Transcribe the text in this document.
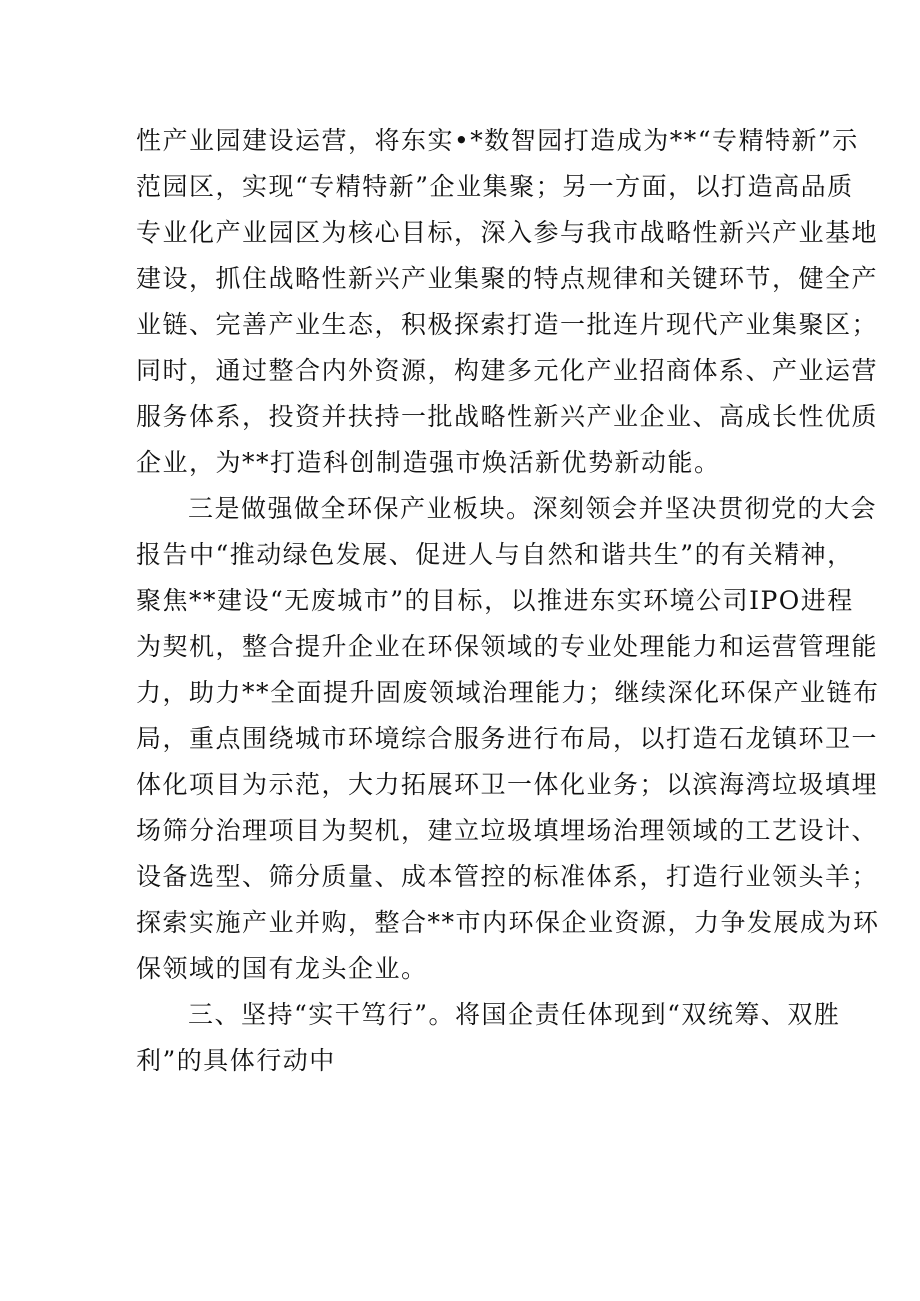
性产业园建设运营，将东实•*数智园打造成为**“专精特新”示
范园区，实现“专精特新”企业集聚；另一方面，以打造高品质
专业化产业园区为核心目标，深入参与我市战略性新兴产业基地
建设，抓住战略性新兴产业集聚的特点规律和关键环节，健全产
业链、完善产业生态，积极探索打造一批连片现代产业集聚区；
同时，通过整合内外资源，构建多元化产业招商体系、产业运营
服务体系，投资并扶持一批战略性新兴产业企业、高成长性优质
企业，为**打造科创制造强市焕活新优势新动能。
三是做强做全环保产业板块。深刻领会并坚决贯彻党的大会
报告中“推动绿色发展、促进人与自然和谐共生”的有关精神，
聚焦**建设“无废城市”的目标，以推进东实环境公司IPO进程
为契机，整合提升企业在环保领域的专业处理能力和运营管理能
力，助力**全面提升固废领域治理能力；继续深化环保产业链布
局，重点围绕城市环境综合服务进行布局，以打造石龙镇环卫一
体化项目为示范，大力拓展环卫一体化业务；以滨海湾垃圾填埋
场筛分治理项目为契机，建立垃圾填埋场治理领域的工艺设计、
设备选型、筛分质量、成本管控的标准体系，打造行业领头羊；
探索实施产业并购，整合**市内环保企业资源，力争发展成为环
保领域的国有龙头企业。
三、坚持“实干笃行”。将国企责任体现到“双统筹、双胜
利”的具体行动中
